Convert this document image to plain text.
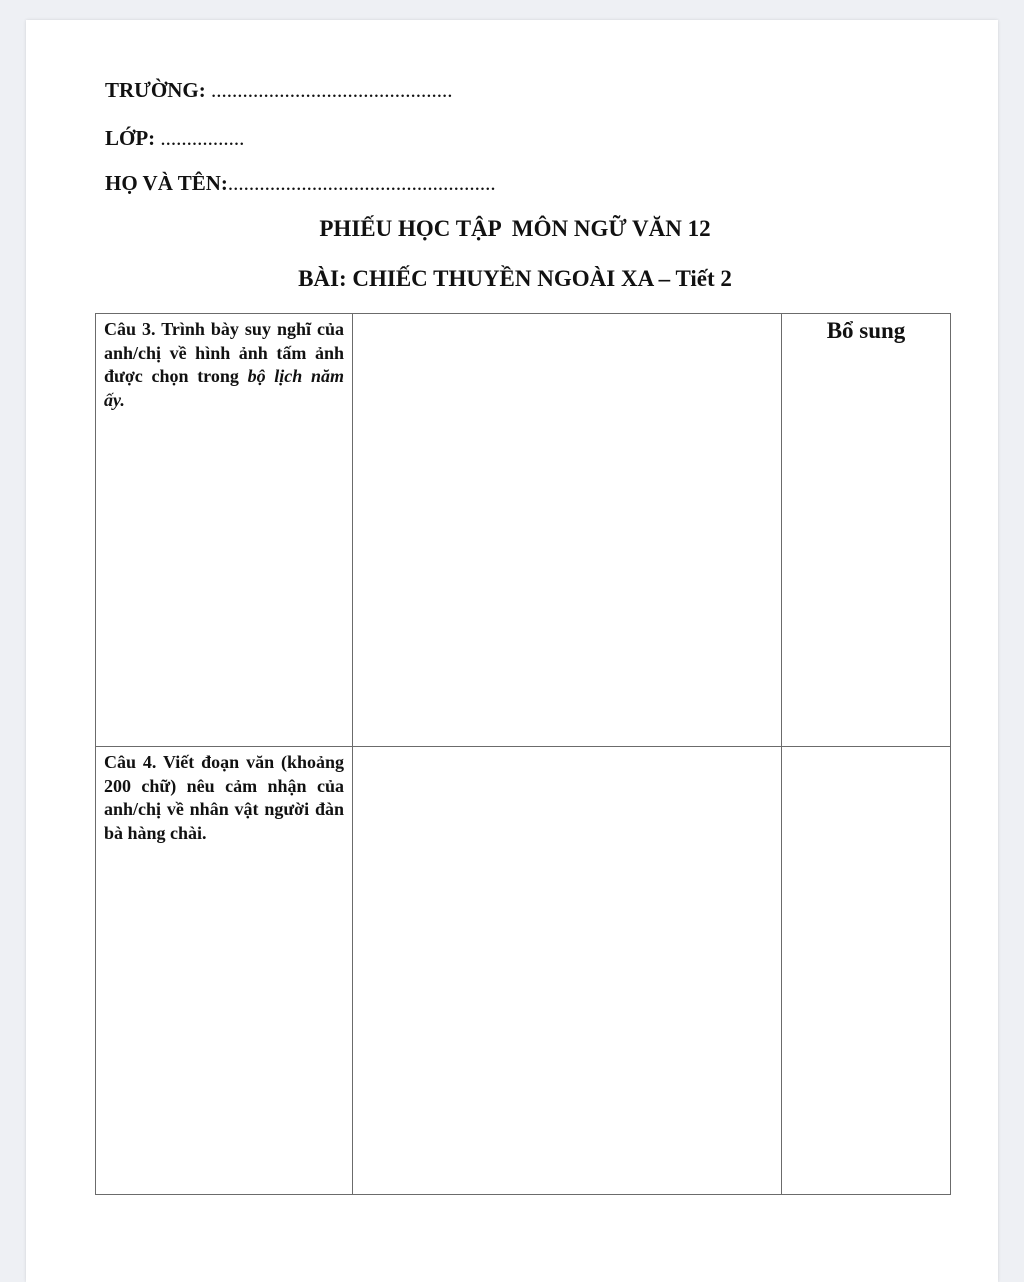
TRƯỜNG: ..............................................
LỚP: ................
HỌ VÀ TÊN:...................................................
PHIẾU HỌC TẬP  MÔN NGỮ VĂN 12
BÀI: CHIẾC THUYỀN NGOÀI XA – Tiết 2
Câu 3. Trình bày suy nghĩ của anh/chị về hình ảnh tấm ảnh được chọn trong bộ lịch năm ấy.		Bổ sung

Câu 4. Viết đoạn văn (khoảng 200 chữ) nêu cảm nhận của anh/chị về nhân vật người đàn bà hàng chài.		
